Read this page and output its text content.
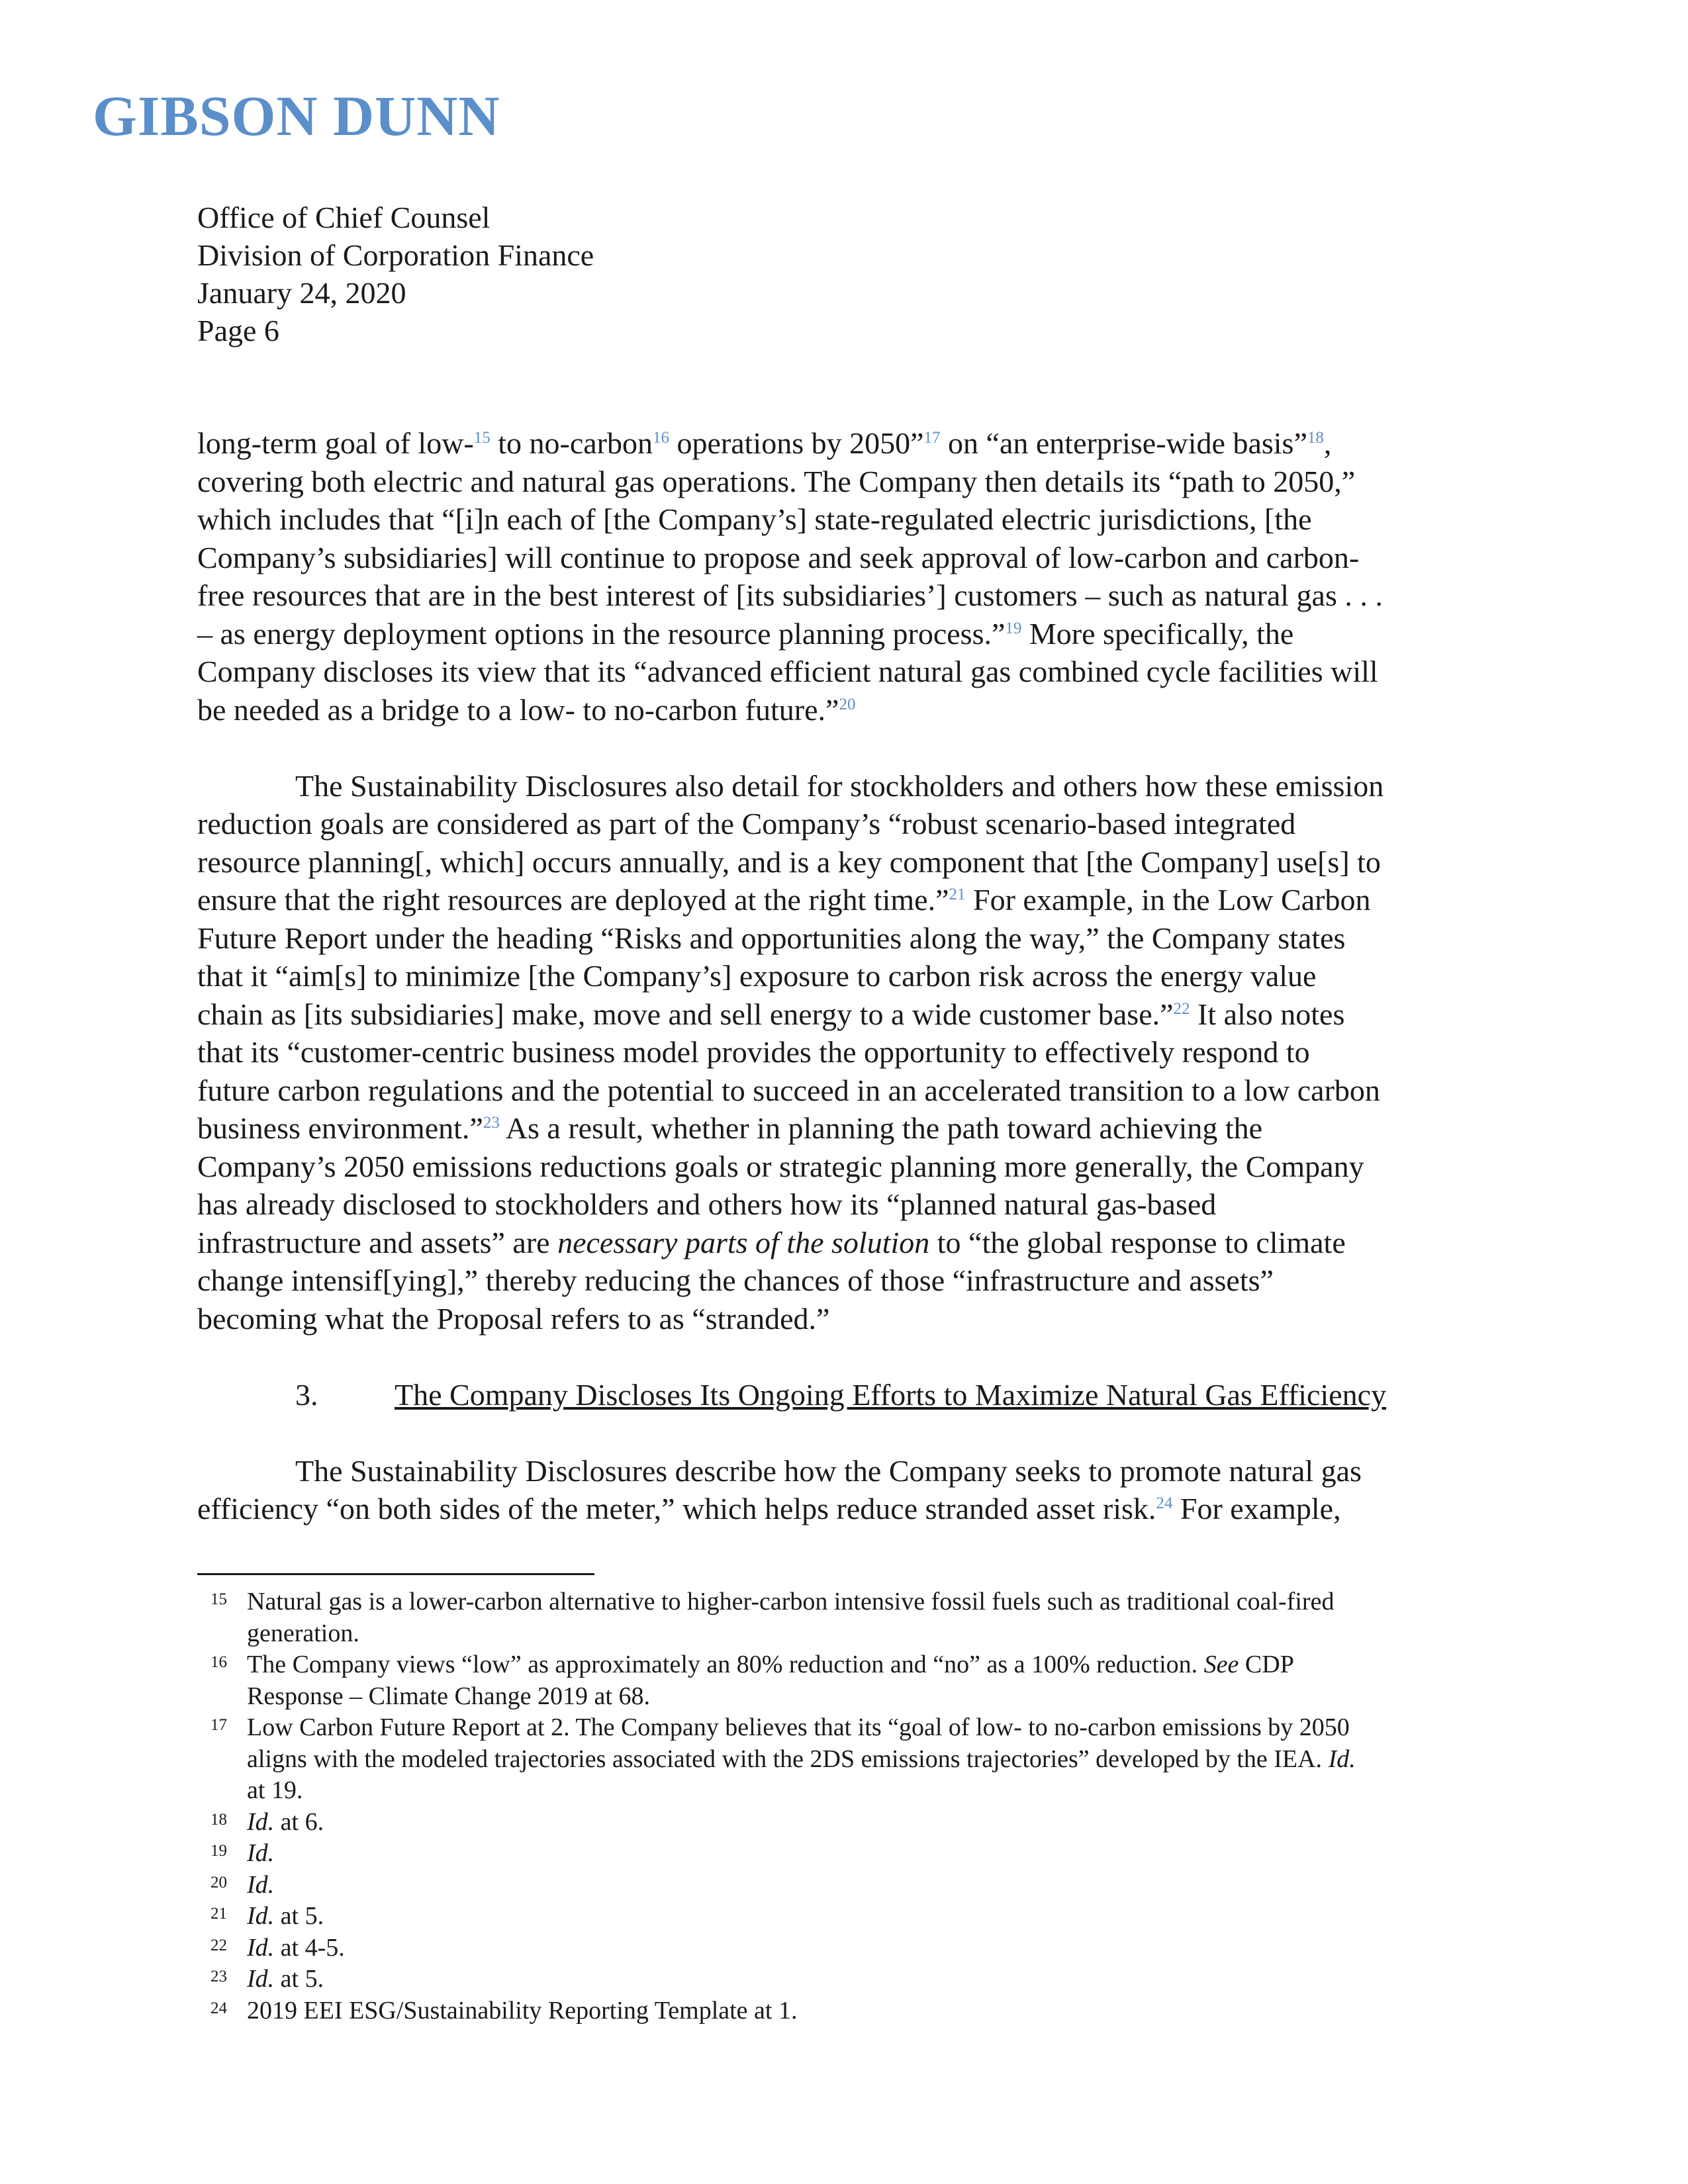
GIBSON DUNN
Office of Chief Counsel
Division of Corporation Finance
January 24, 2020
Page 6
long-term goal of low-$^{15}$ to no-carbon$^{16}$ operations by 2050”$^{17}$ on “an enterprise-wide basis”$^{18}$,
covering both electric and natural gas operations. The Company then details its “path to 2050,”
which includes that “[i]n each of [the Company’s] state-regulated electric jurisdictions, [the
Company’s subsidiaries] will continue to propose and seek approval of low-carbon and carbon-
free resources that are in the best interest of [its subsidiaries’] customers – such as natural gas . . .
– as energy deployment options in the resource planning process.”$^{19}$ More specifically, the
Company discloses its view that its “advanced efficient natural gas combined cycle facilities will
be needed as a bridge to a low- to no-carbon future.”$^{20}$
The Sustainability Disclosures also detail for stockholders and others how these emission
reduction goals are considered as part of the Company’s “robust scenario-based integrated
resource planning[, which] occurs annually, and is a key component that [the Company] use[s] to
ensure that the right resources are deployed at the right time.”$^{21}$ For example, in the Low Carbon
Future Report under the heading “Risks and opportunities along the way,” the Company states
that it “aim[s] to minimize [the Company’s] exposure to carbon risk across the energy value
chain as [its subsidiaries] make, move and sell energy to a wide customer base.”$^{22}$ It also notes
that its “customer-centric business model provides the opportunity to effectively respond to
future carbon regulations and the potential to succeed in an accelerated transition to a low carbon
business environment.”$^{23}$ As a result, whether in planning the path toward achieving the
Company’s 2050 emissions reductions goals or strategic planning more generally, the Company
has already disclosed to stockholders and others how its “planned natural gas-based
infrastructure and assets” are necessary parts of the solution to “the global response to climate
change intensif[ying],” thereby reducing the chances of those “infrastructure and assets”
becoming what the Proposal refers to as “stranded.”
3.	The Company Discloses Its Ongoing Efforts to Maximize Natural Gas Efficiency
The Sustainability Disclosures describe how the Company seeks to promote natural gas
efficiency “on both sides of the meter,” which helps reduce stranded asset risk.$^{24}$ For example,
15 Natural gas is a lower-carbon alternative to higher-carbon intensive fossil fuels such as traditional coal-fired
generation.
16 The Company views “low” as approximately an 80% reduction and “no” as a 100% reduction. See CDP
Response – Climate Change 2019 at 68.
17 Low Carbon Future Report at 2. The Company believes that its “goal of low- to no-carbon emissions by 2050
aligns with the modeled trajectories associated with the 2DS emissions trajectories” developed by the IEA. Id.
at 19.
18 Id. at 6.
19 Id.
20 Id.
21 Id. at 5.
22 Id. at 4-5.
23 Id. at 5.
24 2019 EEI ESG/Sustainability Reporting Template at 1.
